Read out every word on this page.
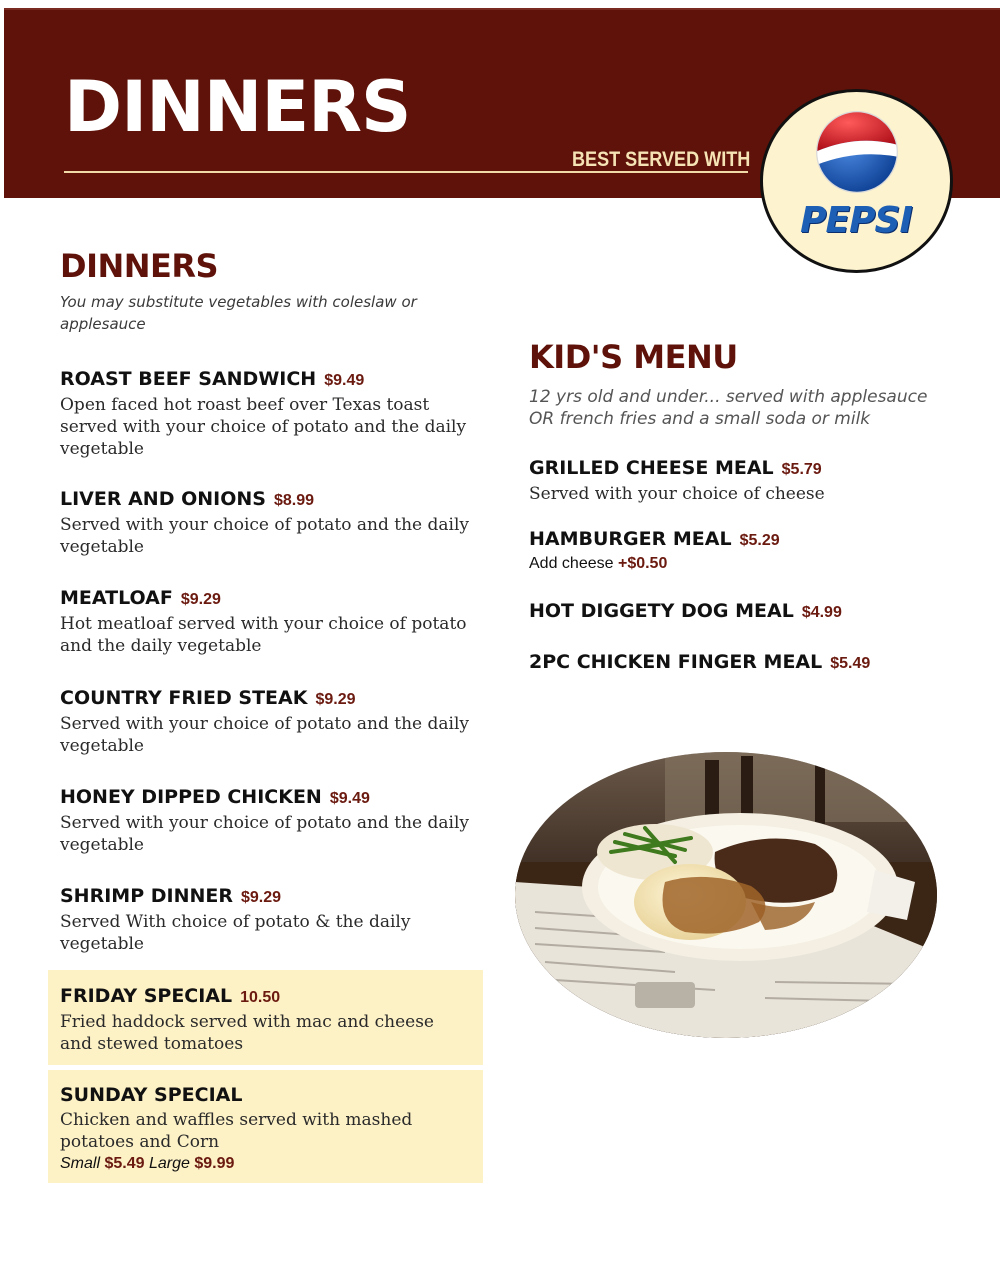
DINNERS
BEST SERVED WITH
PEPSI
DINNERS
You may substitute vegetables with coleslaw or applesauce
ROAST BEEF SANDWICH $9.49
Open faced hot roast beef over Texas toast served with your choice of potato and the daily vegetable
LIVER AND ONIONS $8.99
Served with your choice of potato and the daily vegetable
MEATLOAF $9.29
Hot meatloaf served with your choice of potato and the daily vegetable
COUNTRY FRIED STEAK $9.29
Served with your choice of potato and the daily vegetable
HONEY DIPPED CHICKEN $9.49
Served with your choice of potato and the daily vegetable
SHRIMP DINNER $9.29
Served With choice of potato & the daily vegetable
FRIDAY SPECIAL 10.50
Fried haddock served with mac and cheese and stewed tomatoes
SUNDAY SPECIAL
Chicken and waffles served with mashed potatoes and Corn
Small $5.49 Large $9.99
KID'S MENU
12 yrs old and under... served with applesauce OR french fries and a small soda or milk
GRILLED CHEESE MEAL $5.79
Served with your choice of cheese
HAMBURGER MEAL $5.29
Add cheese +$0.50
HOT DIGGETY DOG MEAL $4.99
2PC CHICKEN FINGER MEAL $5.49
